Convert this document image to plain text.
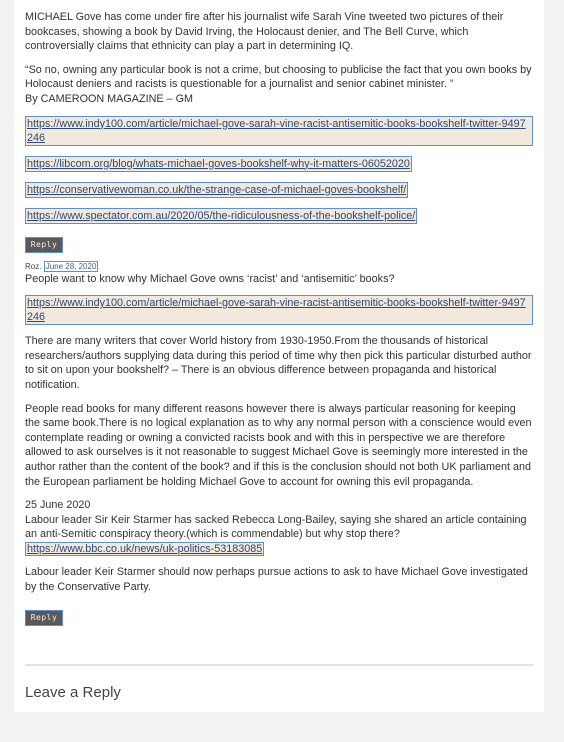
MICHAEL Gove has come under fire after his journalist wife Sarah Vine tweeted two pictures of their bookcases, showing a book by David Irving, the Holocaust denier, and The Bell Curve, which controversially claims that ethnicity can play a part in determining IQ.

“So no, owning any particular book is not a crime, but choosing to publicise the fact that you own books by Holocaust deniers and racists is questionable for a journalist and senior cabinet minister. ”

By CAMEROON MAGAZINE – GM

https://www.indy100.com/article/michael-gove-sarah-vine-racist-antisemitic-books-bookshelf-twitter-9497246
https://libcom.org/blog/whats-michael-goves-bookshelf-why-it-matters-06052020
https://conservativewoman.co.uk/the-strange-case-of-michael-goves-bookshelf/
https://www.spectator.com.au/2020/05/the-ridiculousness-of-the-bookshelf-police/
Reply
Roz. June 28, 2020

People want to know why Michael Gove owns ‘racist’ and ‘antisemitic’ books?

https://www.indy100.com/article/michael-gove-sarah-vine-racist-antisemitic-books-bookshelf-twitter-9497246

There are many writers that cover World history from 1930-1950.From the thousands of historical researchers/authors supplying data during this period of time why then pick this particular disturbed author to sit on upon your bookshelf? – There is an obvious difference between propaganda and historical notification.

People read books for many different reasons however there is always particular reasoning for keeping the same book.There is no logical explanation as to why any normal person with a conscience would even contemplate reading or owning a convicted racists book and with this in perspective we are therefore allowed to ask ourselves is it not reasonable to suggest Michael Gove is seemingly more interested in the author rather than the content of the book? and if this is the conclusion should not both UK parliament and the European parliament be holding Michael Gove to account for owning this evil propaganda.

25 June 2020

Labour leader Sir Keir Starmer has sacked Rebecca Long-Bailey, saying she shared an article containing an anti-Semitic conspiracy theory.(which is commendable) but why stop there?

https://www.bbc.co.uk/news/uk-politics-53183085

Labour leader Keir Starmer should now perhaps pursue actions to ask to have Michael Gove investigated by the Conservative Party.

Reply
Leave a Reply
